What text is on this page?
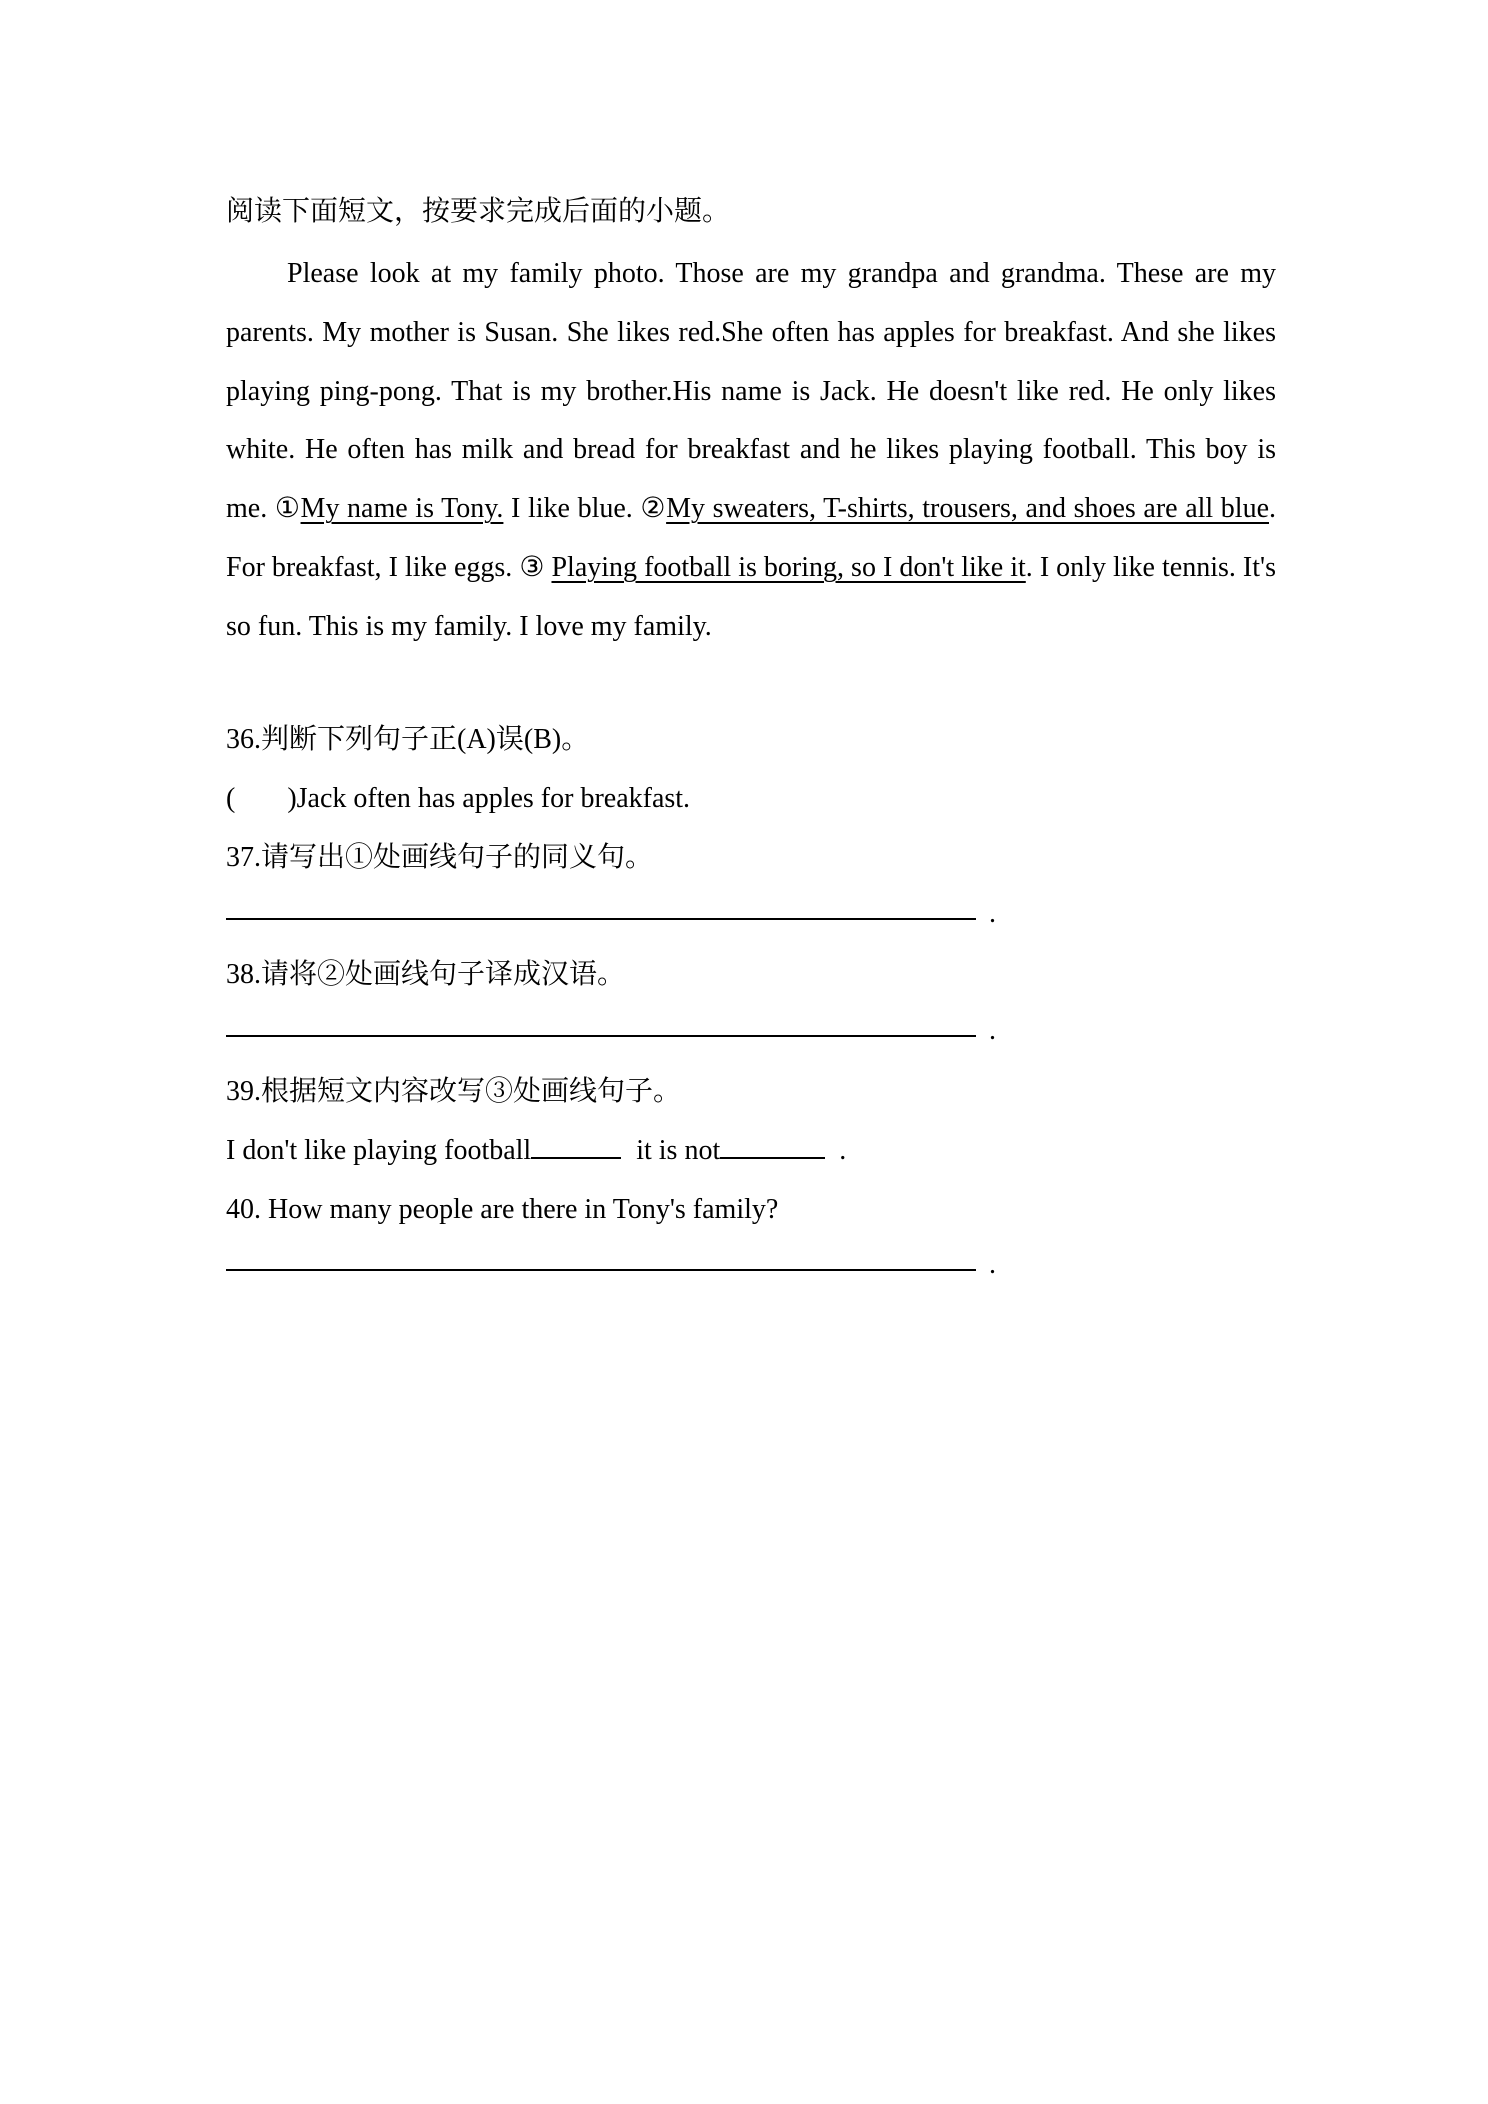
阅读下面短文，按要求完成后面的小题。
Please look at my family photo. Those are my grandpa and grandma. These are my parents. My mother is Susan. She likes red.She often has apples for breakfast. And she likes playing ping-pong. That is my brother.His name is Jack. He doesn't like red. He only likes white. He often has milk and bread for breakfast and he likes playing football. This boy is me. ①My name is Tony. I like blue. ②My sweaters, T-shirts, trousers, and shoes are all blue. For breakfast, I like eggs. ③ Playing football is boring, so I don't like it. I only like tennis. It's so fun. This is my family. I love my family.
36.判断下列句子正(A)误(B)。
( )Jack often has apples for breakfast.
37.请写出①处画线句子的同义句。
.
38.请将②处画线句子译成汉语。
.
39.根据短文内容改写③处画线句子。
I don't like playing football	it is not	.
40. How many people are there in Tony's family?
.
